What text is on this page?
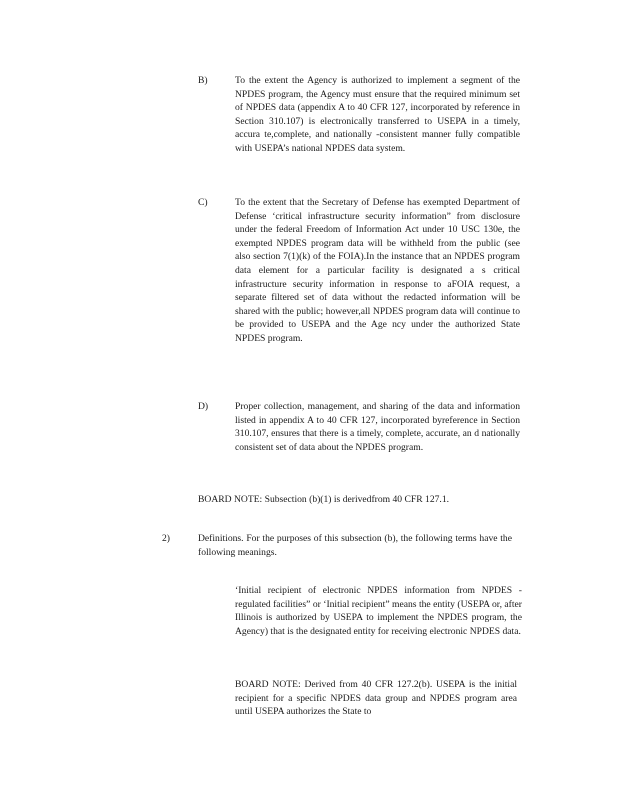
B)	To the extent the Agency is authorized to implement a segment of the NPDES program, the Agency must ensure that the required minimum set of NPDES data (appendix A to 40 CFR 127, incorporated by reference in Section 310.107) is electronically transferred to USEPA in a timely, accura te,complete, and nationally -consistent manner fully compatible with USEPA’s national NPDES data system.
C)	To the extent that the Secretary of Defense has exempted Department of Defense ‘critical infrastructure security information” from disclosure under the federal Freedom of Information Act under 10 USC 130e, the exempted NPDES program data will be withheld from the public (see also section 7(1)(k) of the FOIA).In the instance that an NPDES program data element for a particular facility is designated a s critical infrastructure security information in response to aFOIA request, a separate filtered set of data without the redacted information will be shared with the public; however,all NPDES program data will continue to be provided to USEPA and the Age ncy under the authorized State NPDES program.
D)	Proper collection, management, and sharing of the data and information listed in appendix A to 40 CFR 127, incorporated byreference in Section 310.107, ensures that there is a timely, complete, accurate, an d nationally consistent set of data about the NPDES program.
BOARD NOTE: Subsection (b)(1) is derivedfrom 40 CFR 127.1.
2)	Definitions. For the purposes of this subsection (b), the following terms have the following meanings.
‘Initial recipient of electronic NPDES information from NPDES -regulated facilities” or ‘Initial recipient” means the entity (USEPA or, after Illinois is authorized by USEPA to implement the NPDES program, the Agency) that is the designated entity for receiving electronic NPDES data.
BOARD NOTE: Derived from 40 CFR 127.2(b). USEPA is the initial recipient for a specific NPDES data group and NPDES program area until USEPA authorizes the State to
